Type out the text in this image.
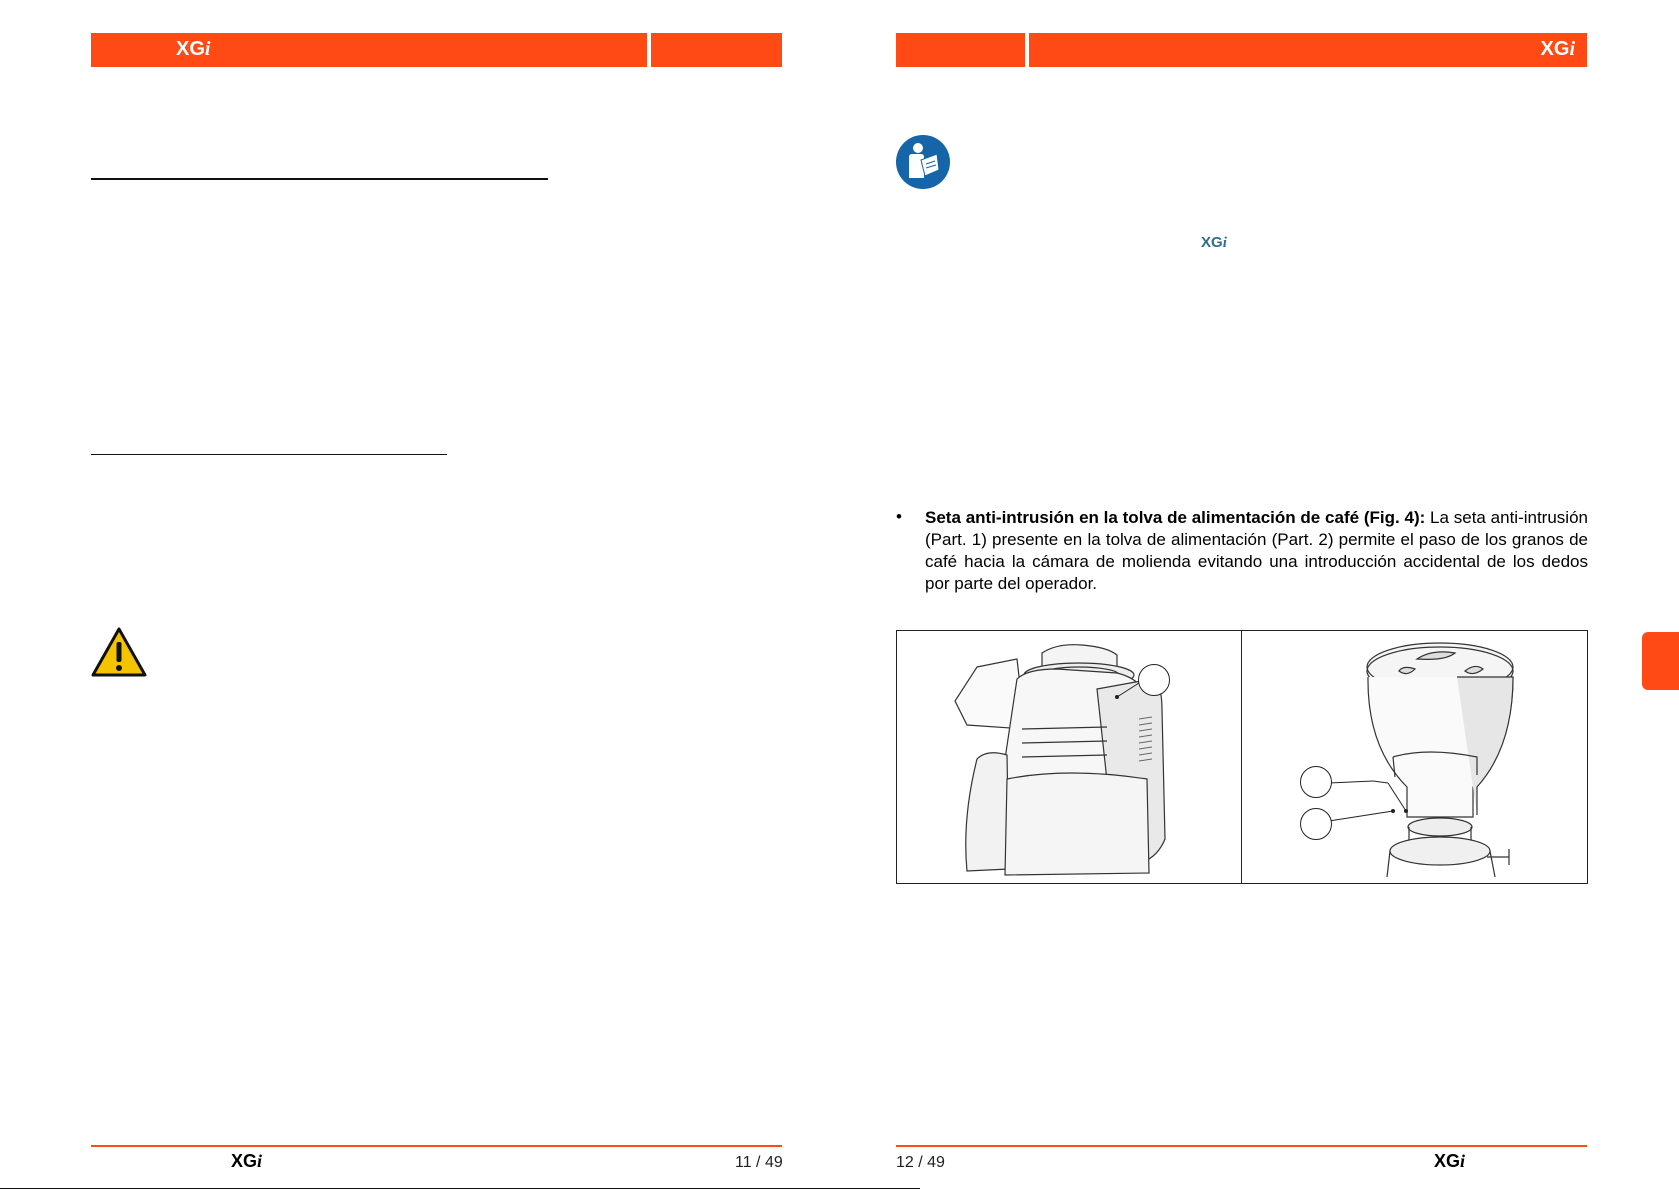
XGi
XGi	11 / 49
XGi
XGi
• Seta anti-intrusión en la tolva de alimentación de café (Fig. 4): La seta anti-intrusión (Part. 1) presente en la tolva de alimentación (Part. 2) permite el paso de los granos de café hacia la cámara de molienda evitando una introducción accidental de los dedos por parte del operador.
12 / 49	XGi
